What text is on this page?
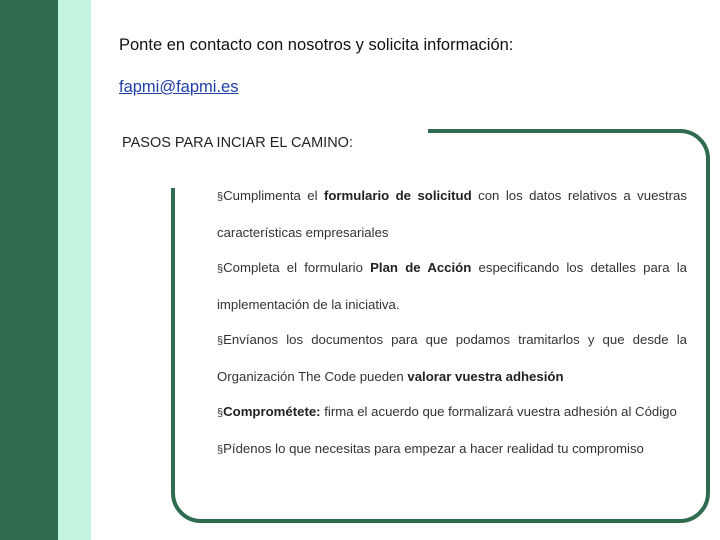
Ponte en contacto con nosotros y solicita información:
fapmi@fapmi.es
PASOS PARA INCIAR EL CAMINO:

§Cumplimenta el formulario de solicitud con los datos relativos a vuestras características empresariales

§Completa el formulario Plan de Acción especificando los detalles para la implementación de la iniciativa.

§Envíanos los documentos para que podamos tramitarlos y que desde la Organización The Code pueden valorar vuestra adhesión

§Comprométete: firma el acuerdo que formalizará vuestra adhesión al Código

§Pídenos lo que necesitas para empezar a hacer realidad tu compromiso
